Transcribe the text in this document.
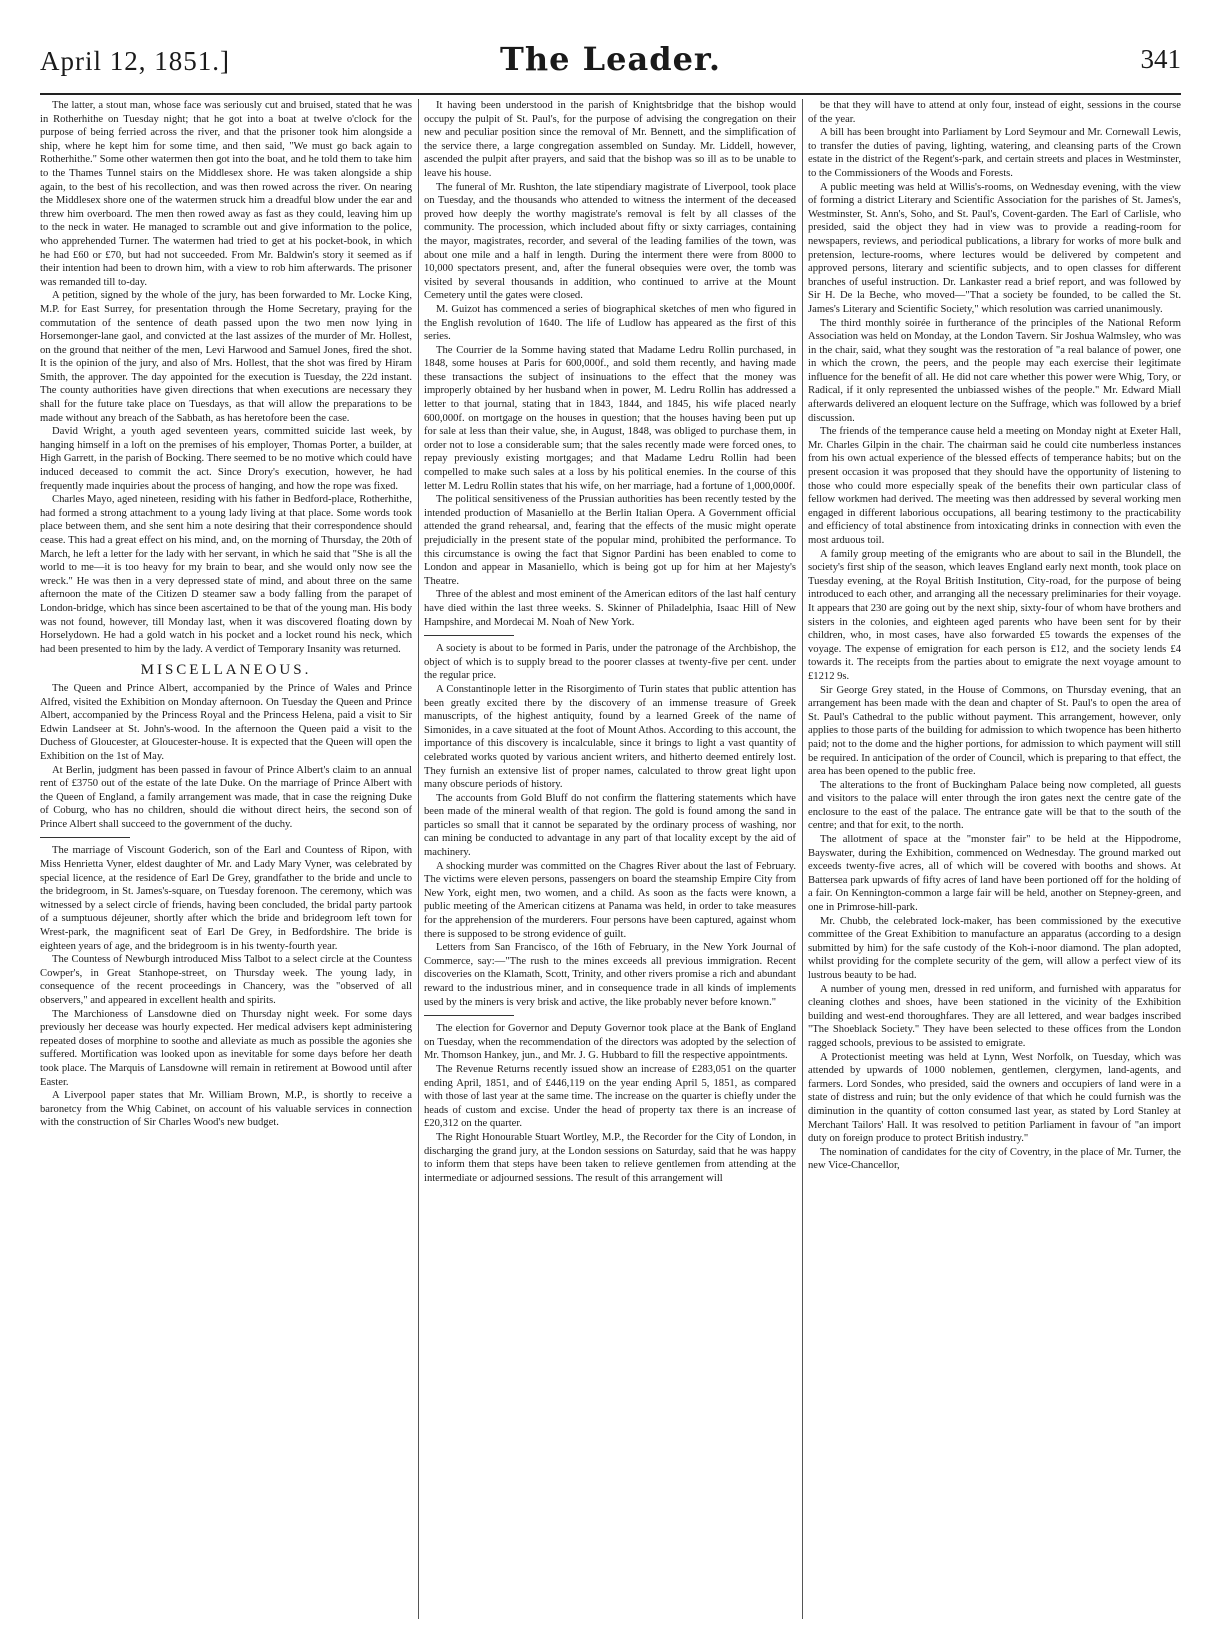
April 12, 1851.]	The Leader.	341

The latter, a stout man, whose face was seriously cut and bruised, stated that he was in Rotherhithe on Tuesday night; that he got into a boat at twelve o'clock for the purpose of being ferried across the river, and that the prisoner took him alongside a ship, where he kept him for some time, and then said, "We must go back again to Rotherhithe." Some other watermen then got into the boat, and he told them to take him to the Thames Tunnel stairs on the Middlesex shore. He was taken alongside a ship again, to the best of his recollection, and was then rowed across the river. On nearing the Middlesex shore one of the watermen struck him a dreadful blow under the ear and threw him overboard. The men then rowed away as fast as they could, leaving him up to the neck in water. He managed to scramble out and give information to the police, who apprehended Turner. The watermen had tried to get at his pocket-book, in which he had £60 or £70, but had not succeeded. From Mr. Baldwin's story it seemed as if their intention had been to drown him, with a view to rob him afterwards. The prisoner was remanded till to-day.

A petition, signed by the whole of the jury, has been forwarded to Mr. Locke King, M.P. for East Surrey, for presentation through the Home Secretary, praying for the commutation of the sentence of death passed upon the two men now lying in Horsemonger-lane gaol, and convicted at the last assizes of the murder of Mr. Hollest, on the ground that neither of the men, Levi Harwood and Samuel Jones, fired the shot. It is the opinion of the jury, and also of Mrs. Hollest, that the shot was fired by Hiram Smith, the approver. The day appointed for the execution is Tuesday, the 22d instant. The county authorities have given directions that when executions are necessary they shall for the future take place on Tuesdays, as that will allow the preparations to be made without any breach of the Sabbath, as has heretofore been the case.

David Wright, a youth aged seventeen years, committed suicide last week, by hanging himself in a loft on the premises of his employer, Thomas Porter, a builder, at High Garrett, in the parish of Bocking. There seemed to be no motive which could have induced deceased to commit the act. Since Drory's execution, however, he had frequently made inquiries about the process of hanging, and how the rope was fixed.

Charles Mayo, aged nineteen, residing with his father in Bedford-place, Rotherhithe, had formed a strong attachment to a young lady living at that place. Some words took place between them, and she sent him a note desiring that their correspondence should cease. This had a great effect on his mind, and, on the morning of Thursday, the 20th of March, he left a letter for the lady with her servant, in which he said that "She is all the world to me—it is too heavy for my brain to bear, and she would only now see the wreck." He was then in a very depressed state of mind, and about three on the same afternoon the mate of the Citizen D steamer saw a body falling from the parapet of London-bridge, which has since been ascertained to be that of the young man. His body was not found, however, till Monday last, when it was discovered floating down by Horselydown. He had a gold watch in his pocket and a locket round his neck, which had been presented to him by the lady. A verdict of Temporary Insanity was returned.

MISCELLANEOUS.

The Queen and Prince Albert, accompanied by the Prince of Wales and Prince Alfred, visited the Exhibition on Monday afternoon. On Tuesday the Queen and Prince Albert, accompanied by the Princess Royal and the Princess Helena, paid a visit to Sir Edwin Landseer at St. John's-wood. In the afternoon the Queen paid a visit to the Duchess of Gloucester, at Gloucester-house. It is expected that the Queen will open the Exhibition on the 1st of May.

At Berlin, judgment has been passed in favour of Prince Albert's claim to an annual rent of £3750 out of the estate of the late Duke. On the marriage of Prince Albert with the Queen of England, a family arrangement was made, that in case the reigning Duke of Coburg, who has no children, should die without direct heirs, the second son of Prince Albert shall succeed to the government of the duchy.

The marriage of Viscount Goderich, son of the Earl and Countess of Ripon, with Miss Henrietta Vyner, eldest daughter of Mr. and Lady Mary Vyner, was celebrated by special licence, at the residence of Earl De Grey, grandfather to the bride and uncle to the bridegroom, in St. James's-square, on Tuesday forenoon. The ceremony, which was witnessed by a select circle of friends, having been concluded, the bridal party partook of a sumptuous déjeuner, shortly after which the bride and bridegroom left town for Wrest-park, the magnificent seat of Earl De Grey, in Bedfordshire. The bride is eighteen years of age, and the bridegroom is in his twenty-fourth year.

The Countess of Newburgh introduced Miss Talbot to a select circle at the Countess Cowper's, in Great Stanhope-street, on Thursday week. The young lady, in consequence of the recent proceedings in Chancery, was the "observed of all observers," and appeared in excellent health and spirits.

The Marchioness of Lansdowne died on Thursday night week. For some days previously her decease was hourly expected. Her medical advisers kept administering repeated doses of morphine to soothe and alleviate as much as possible the agonies she suffered. Mortification was looked upon as inevitable for some days before her death took place. The Marquis of Lansdowne will remain in retirement at Bowood until after Easter.

A Liverpool paper states that Mr. William Brown, M.P., is shortly to receive a baronetcy from the Whig Cabinet, on account of his valuable services in connection with the construction of Sir Charles Wood's new budget.

It having been understood in the parish of Knightsbridge that the bishop would occupy the pulpit of St. Paul's, for the purpose of advising the congregation on their new and peculiar position since the removal of Mr. Bennett, and the simplification of the service there, a large congregation assembled on Sunday. Mr. Liddell, however, ascended the pulpit after prayers, and said that the bishop was so ill as to be unable to leave his house.

The funeral of Mr. Rushton, the late stipendiary magistrate of Liverpool, took place on Tuesday, and the thousands who attended to witness the interment of the deceased proved how deeply the worthy magistrate's removal is felt by all classes of the community. The procession, which included about fifty or sixty carriages, containing the mayor, magistrates, recorder, and several of the leading families of the town, was about one mile and a half in length. During the interment there were from 8000 to 10,000 spectators present, and, after the funeral obsequies were over, the tomb was visited by several thousands in addition, who continued to arrive at the Mount Cemetery until the gates were closed.

M. Guizot has commenced a series of biographical sketches of men who figured in the English revolution of 1640. The life of Ludlow has appeared as the first of this series.

The Courrier de la Somme having stated that Madame Ledru Rollin purchased, in 1848, some houses at Paris for 600,000f., and sold them recently, and having made these transactions the subject of insinuations to the effect that the money was improperly obtained by her husband when in power, M. Ledru Rollin has addressed a letter to that journal, stating that in 1843, 1844, and 1845, his wife placed nearly 600,000f. on mortgage on the houses in question; that the houses having been put up for sale at less than their value, she, in August, 1848, was obliged to purchase them, in order not to lose a considerable sum; that the sales recently made were forced ones, to repay previously existing mortgages; and that Madame Ledru Rollin had been compelled to make such sales at a loss by his political enemies. In the course of this letter M. Ledru Rollin states that his wife, on her marriage, had a fortune of 1,000,000f.

The political sensitiveness of the Prussian authorities has been recently tested by the intended production of Masaniello at the Berlin Italian Opera. A Government official attended the grand rehearsal, and, fearing that the effects of the music might operate prejudicially in the present state of the popular mind, prohibited the performance. To this circumstance is owing the fact that Signor Pardini has been enabled to come to London and appear in Masaniello, which is being got up for him at her Majesty's Theatre.

Three of the ablest and most eminent of the American editors of the last half century have died within the last three weeks. S. Skinner of Philadelphia, Isaac Hill of New Hampshire, and Mordecai M. Noah of New York.

A society is about to be formed in Paris, under the patronage of the Archbishop, the object of which is to supply bread to the poorer classes at twenty-five per cent. under the regular price.

A Constantinople letter in the Risorgimento of Turin states that public attention has been greatly excited there by the discovery of an immense treasure of Greek manuscripts, of the highest antiquity, found by a learned Greek of the name of Simonides, in a cave situated at the foot of Mount Athos. According to this account, the importance of this discovery is incalculable, since it brings to light a vast quantity of celebrated works quoted by various ancient writers, and hitherto deemed entirely lost. They furnish an extensive list of proper names, calculated to throw great light upon many obscure periods of history.

The accounts from Gold Bluff do not confirm the flattering statements which have been made of the mineral wealth of that region. The gold is found among the sand in particles so small that it cannot be separated by the ordinary process of washing, nor can mining be conducted to advantage in any part of that locality except by the aid of machinery.

A shocking murder was committed on the Chagres River about the last of February. The victims were eleven persons, passengers on board the steamship Empire City from New York, eight men, two women, and a child. As soon as the facts were known, a public meeting of the American citizens at Panama was held, in order to take measures for the apprehension of the murderers. Four persons have been captured, against whom there is supposed to be strong evidence of guilt.

Letters from San Francisco, of the 16th of February, in the New York Journal of Commerce, say:—"The rush to the mines exceeds all previous immigration. Recent discoveries on the Klamath, Scott, Trinity, and other rivers promise a rich and abundant reward to the industrious miner, and in consequence trade in all kinds of implements used by the miners is very brisk and active, the like probably never before known."

The election for Governor and Deputy Governor took place at the Bank of England on Tuesday, when the recommendation of the directors was adopted by the selection of Mr. Thomson Hankey, jun., and Mr. J. G. Hubbard to fill the respective appointments.

The Revenue Returns recently issued show an increase of £283,051 on the quarter ending April, 1851, and of £446,119 on the year ending April 5, 1851, as compared with those of last year at the same time. The increase on the quarter is chiefly under the heads of custom and excise. Under the head of property tax there is an increase of £20,312 on the quarter.

The Right Honourable Stuart Wortley, M.P., the Recorder for the City of London, in discharging the grand jury, at the London sessions on Saturday, said that he was happy to inform them that steps have been taken to relieve gentlemen from attending at the intermediate or adjourned sessions. The result of this arrangement will

be that they will have to attend at only four, instead of eight, sessions in the course of the year.

A bill has been brought into Parliament by Lord Seymour and Mr. Cornewall Lewis, to transfer the duties of paving, lighting, watering, and cleansing parts of the Crown estate in the district of the Regent's-park, and certain streets and places in Westminster, to the Commissioners of the Woods and Forests.

A public meeting was held at Willis's-rooms, on Wednesday evening, with the view of forming a district Literary and Scientific Association for the parishes of St. James's, Westminster, St. Ann's, Soho, and St. Paul's, Covent-garden. The Earl of Carlisle, who presided, said the object they had in view was to provide a reading-room for newspapers, reviews, and periodical publications, a library for works of more bulk and pretension, lecture-rooms, where lectures would be delivered by competent and approved persons, literary and scientific subjects, and to open classes for different branches of useful instruction. Dr. Lankaster read a brief report, and was followed by Sir H. De la Beche, who moved—"That a society be founded, to be called the St. James's Literary and Scientific Society," which resolution was carried unanimously.

The third monthly soirée in furtherance of the principles of the National Reform Association was held on Monday, at the London Tavern. Sir Joshua Walmsley, who was in the chair, said, what they sought was the restoration of "a real balance of power, one in which the crown, the peers, and the people may each exercise their legitimate influence for the benefit of all. He did not care whether this power were Whig, Tory, or Radical, if it only represented the unbiassed wishes of the people." Mr. Edward Miall afterwards delivered an eloquent lecture on the Suffrage, which was followed by a brief discussion.

The friends of the temperance cause held a meeting on Monday night at Exeter Hall, Mr. Charles Gilpin in the chair. The chairman said he could cite numberless instances from his own actual experience of the blessed effects of temperance habits; but on the present occasion it was proposed that they should have the opportunity of listening to those who could more especially speak of the benefits their own particular class of fellow workmen had derived. The meeting was then addressed by several working men engaged in different laborious occupations, all bearing testimony to the practicability and efficiency of total abstinence from intoxicating drinks in connection with even the most arduous toil.

A family group meeting of the emigrants who are about to sail in the Blundell, the society's first ship of the season, which leaves England early next month, took place on Tuesday evening, at the Royal British Institution, City-road, for the purpose of being introduced to each other, and arranging all the necessary preliminaries for their voyage. It appears that 230 are going out by the next ship, sixty-four of whom have brothers and sisters in the colonies, and eighteen aged parents who have been sent for by their children, who, in most cases, have also forwarded £5 towards the expenses of the voyage. The expense of emigration for each person is £12, and the society lends £4 towards it. The receipts from the parties about to emigrate the next voyage amount to £1212 9s.

Sir George Grey stated, in the House of Commons, on Thursday evening, that an arrangement has been made with the dean and chapter of St. Paul's to open the area of St. Paul's Cathedral to the public without payment. This arrangement, however, only applies to those parts of the building for admission to which twopence has been hitherto paid; not to the dome and the higher portions, for admission to which payment will still be required. In anticipation of the order of Council, which is preparing to that effect, the area has been opened to the public free.

The alterations to the front of Buckingham Palace being now completed, all guests and visitors to the palace will enter through the iron gates next the centre gate of the enclosure to the east of the palace. The entrance gate will be that to the south of the centre; and that for exit, to the north.

The allotment of space at the "monster fair" to be held at the Hippodrome, Bayswater, during the Exhibition, commenced on Wednesday. The ground marked out exceeds twenty-five acres, all of which will be covered with booths and shows. At Battersea park upwards of fifty acres of land have been portioned off for the holding of a fair. On Kennington-common a large fair will be held, another on Stepney-green, and one in Primrose-hill-park.

Mr. Chubb, the celebrated lock-maker, has been commissioned by the executive committee of the Great Exhibition to manufacture an apparatus (according to a design submitted by him) for the safe custody of the Koh-i-noor diamond. The plan adopted, whilst providing for the complete security of the gem, will allow a perfect view of its lustrous beauty to be had.

A number of young men, dressed in red uniform, and furnished with apparatus for cleaning clothes and shoes, have been stationed in the vicinity of the Exhibition building and west-end thoroughfares. They are all lettered, and wear badges inscribed "The Shoeblack Society." They have been selected to these offices from the London ragged schools, previous to be assisted to emigrate.

A Protectionist meeting was held at Lynn, West Norfolk, on Tuesday, which was attended by upwards of 1000 noblemen, gentlemen, clergymen, land-agents, and farmers. Lord Sondes, who presided, said the owners and occupiers of land were in a state of distress and ruin; but the only evidence of that which he could furnish was the diminution in the quantity of cotton consumed last year, as stated by Lord Stanley at Merchant Tailors' Hall. It was resolved to petition Parliament in favour of "an import duty on foreign produce to protect British industry."

The nomination of candidates for the city of Coventry, in the place of Mr. Turner, the new Vice-Chancellor,
